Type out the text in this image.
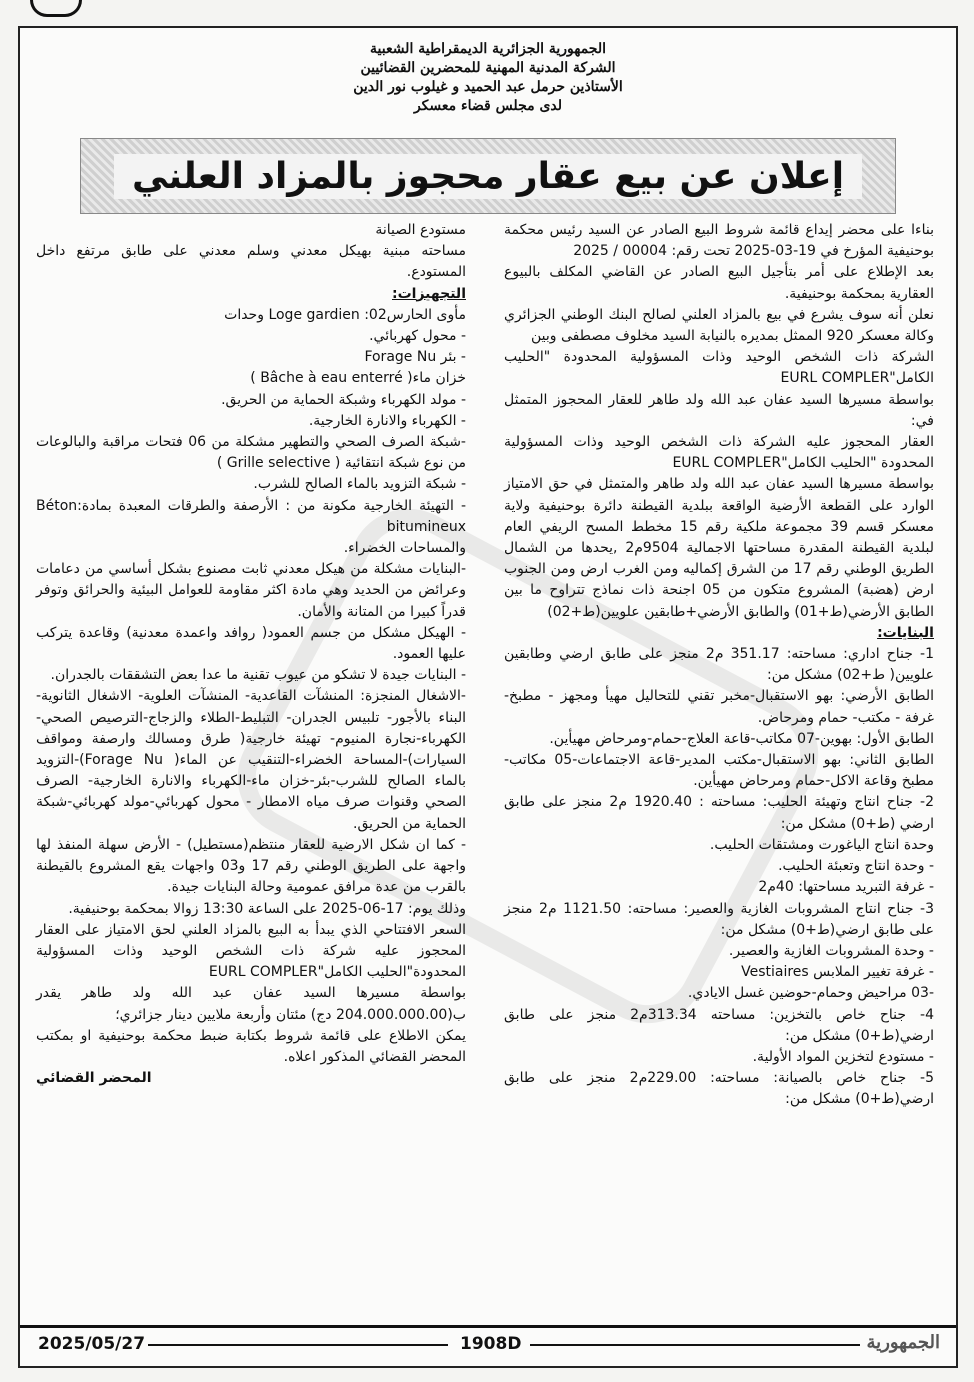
الجمهورية الجزائرية الديمقراطية الشعبية
الشركة المدنية المهنية للمحضرين القضائيين
الأستاذين حرمل عبد الحميد و غيلوب نور الدين
لدى مجلس قضاء معسكر
إعلان عن بيع عقار محجوز بالمزاد العلني

بناءا على محضر إيداع قائمة شروط البيع الصادر عن السيد رئيس محكمة بوحنيفية المؤرخ في 19-03-2025 تحت رقم: 00004 / 2025

بعد الإطلاع على أمر بتأجيل البيع الصادر عن القاضي المكلف بالبيوع العقارية بمحكمة بوحنيفية.

نعلن أنه سوف يشرع في بيع بالمزاد العلني لصالح البنك الوطني الجزائري وكالة معسكر 920 الممثل بمديره بالنيابة السيد مخلوف مصطفى وبين

الشركة ذات الشخص الوحيد وذات المسؤولية المحدودة "الحليب الكامل"EURL COMPLER

بواسطة مسيرها السيد عفان عبد الله ولد طاهر للعقار المحجوز المتمثل في:

العقار المحجوز عليه الشركة ذات الشخص الوحيد وذات المسؤولية المحدودة "الحليب الكامل"EURL COMPLER

بواسطة مسيرها السيد عفان عبد الله ولد طاهر والمتمثل في حق الامتياز الوارد على القطعة الأرضية الواقعة ببلدية القيطنة دائرة بوحنيفية ولاية معسكر قسم 39 مجموعة ملكية رقم 15 مخطط المسح الريفي العام لبلدية القيطنة المقدرة مساحتها الاجمالية 9504م2 ,يحدها من الشمال الطريق الوطني رقم 17 من الشرق إكماليه ومن الغرب ارض ومن الجنوب ارض (هضبة) المشروع متكون من 05 اجنحة ذات نماذج تتراوح ما بين الطابق الأرضي(ط+01) والطابق الأرضي+طابقين علويين(ط+02)

البنايات:

1- جناح اداري: مساحته: 351.17 م2 منجز على طابق ارضي وطابقين علويين( ط+02) مشكل من:

الطابق الأرضي: بهو الاستقبال-مخبر تقني للتحاليل مهيأ ومجهز - مطبخ- غرفة - مكتب- حمام ومرحاض.

الطابق الأول: بهوين-07 مكاتب-قاعة العلاج-حمام-ومرحاض مهيأين.

الطابق الثاني: بهو الاستقبال-مكتب المدير-قاعة الاجتماعات-05 مكاتب- مطبخ وقاعة الاكل-حمام ومرحاض مهيأين.

2- جناح انتاج وتهيئة الحليب: مساحته : 1920.40 م2 منجز على طابق ارضي (ط+0) مشكل من:

وحدة انتاج الياغورت ومشتقات الحليب.

- وحدة انتاج وتعبئة الحليب.

- غرفة التبريد مساحتها: 40م2

3- جناح انتاج المشروبات الغازية والعصير: مساحته: 1121.50 م2 منجز على طابق ارضي(ط+0) مشكل من:

- وحدة المشروبات الغازية والعصير.

- غرفة تغيير الملابس Vestiaires

-03 مراحيض وحمام-حوضين غسل الايادي.

4- جناح خاص بالتخزين: مساحته 313.34م2 منجز على طابق ارضي(ط+0) مشكل من:

- مستودع لتخزين المواد الأولية.

5- جناح خاص بالصيانة: مساحته: 229.00م2 منجز على طابق ارضي(ط+0) مشكل من:

مستودع الصيانة

مساحته مبنية بهيكل معدني وسلم معدني على طابق مرتفع داخل المستودع.

التجهيزات:

مأوى الحارس02: Loge gardien وحدات

- محول كهربائي.

- بئر Forage Nu

خزان ماء( Bâche à eau enterré )

- مولد الكهرباء وشبكة الحماية من الحريق.

- الكهرباء والانارة الخارجية.

-شبكة الصرف الصحي والتطهير مشكلة من 06 فتحات مراقبة والبالوعات من نوع شبكة انتقائية ( Grille selective )

- شبكة التزويد بالماء الصالح للشرب.

- التهيئة الخارجية مكونة من : الأرصفة والطرقات المعبدة بمادة:Béton bitumineux

والمساحات الخضراء.

-البنايات مشكلة من هيكل معدني ثابت مصنوع بشكل أساسي من دعامات وعرائض من الحديد وهي مادة اكثر مقاومة للعوامل البيئية والحرائق وتوفر قدراً كبيرا من المتانة والأمان.

- الهيكل مشكل من جسم العمود( روافد واعمدة معدنية) وقاعدة يتركب عليها العمود.

- البنايات جيدة لا تشكو من عيوب تقنية ما عدا بعض التشققات بالجدران.

-الاشغال المنجزة: المنشآت القاعدية- المنشآت العلوية- الاشغال الثانوية-البناء بالأجور- تلبيس الجدران- التبليط-الطلاء والزجاج-الترصيص الصحي-الكهرباء-نجارة المنيوم- تهيئة خارجية( طرق ومسالك وارصفة ومواقف السيارات)-المساحة الخضراء-التنقيب عن الماء( Forage Nu)-التزويد بالماء الصالح للشرب-بئر-خزان ماء-الكهرباء والانارة الخارجية- الصرف الصحي وقنوات صرف مياه الامطار - محول كهربائي-مولد كهربائي-شبكة الحماية من الحريق.

- كما ان شكل الارضية للعقار منتظم(مستطيل) - الأرض سهلة المنفذ لها واجهة على الطريق الوطني رقم 17 و03 واجهات يقع المشروع بالقيطنة بالقرب من عدة مرافق عمومية وحالة البنايات جيدة.

وذلك يوم: 17-06-2025 على الساعة 13:30 زوالا بمحكمة بوحنيفية.

السعر الافتتاحي الذي يبدأ به البيع بالمزاد العلني لحق الامتياز على العقار المحجوز عليه شركة ذات الشخص الوحيد وذات المسؤولية المحدودة"الحليب الكامل"EURL COMPLER

بواسطة مسيرها السيد عفان عبد الله ولد طاهر يقدر ب(204.000.000.00 دج) مئتان وأربعة ملايين دينار جزائري؛

يمكن الاطلاع على قائمة شروط بكتابة ضبط محكمة بوحنيفية او بمكتب المحضر القضائي المذكور اعلاه.

المحضر القضائي

2025/05/27	1908D	الجمهورية
